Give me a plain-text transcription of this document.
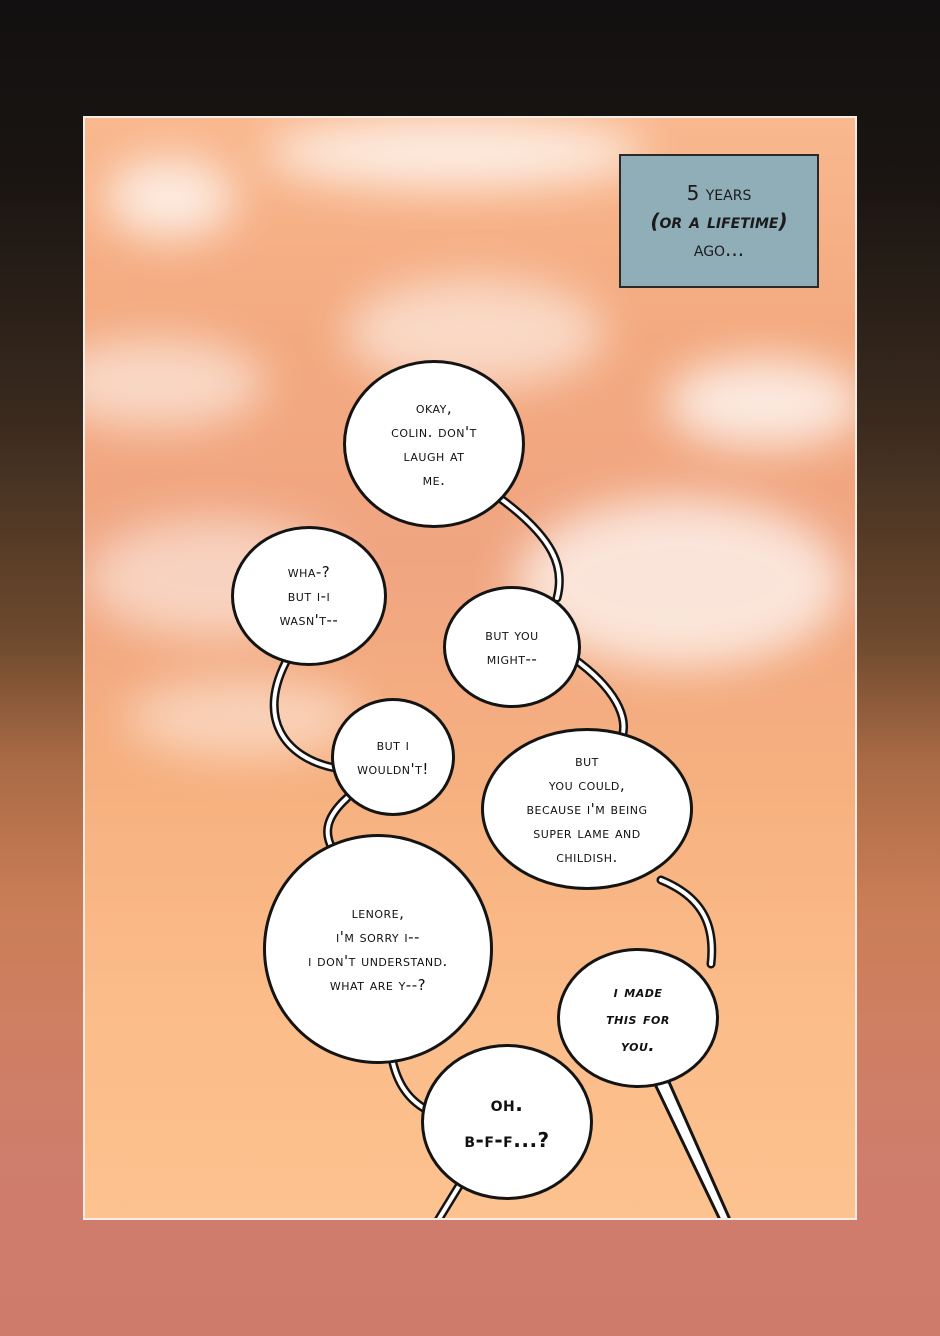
5 years
(or a lifetime)
ago...
okay,
colin. don't
laugh at
me.
wha-?
but i-i
wasn't--
but you
might--
but i
wouldn't!	but
you could,
because i'm being
super lame and
childish.
lenore,
i'm sorry i--
i don't understand.
what are y--?	i made
this for
you.
oh.
b-f-f...?
